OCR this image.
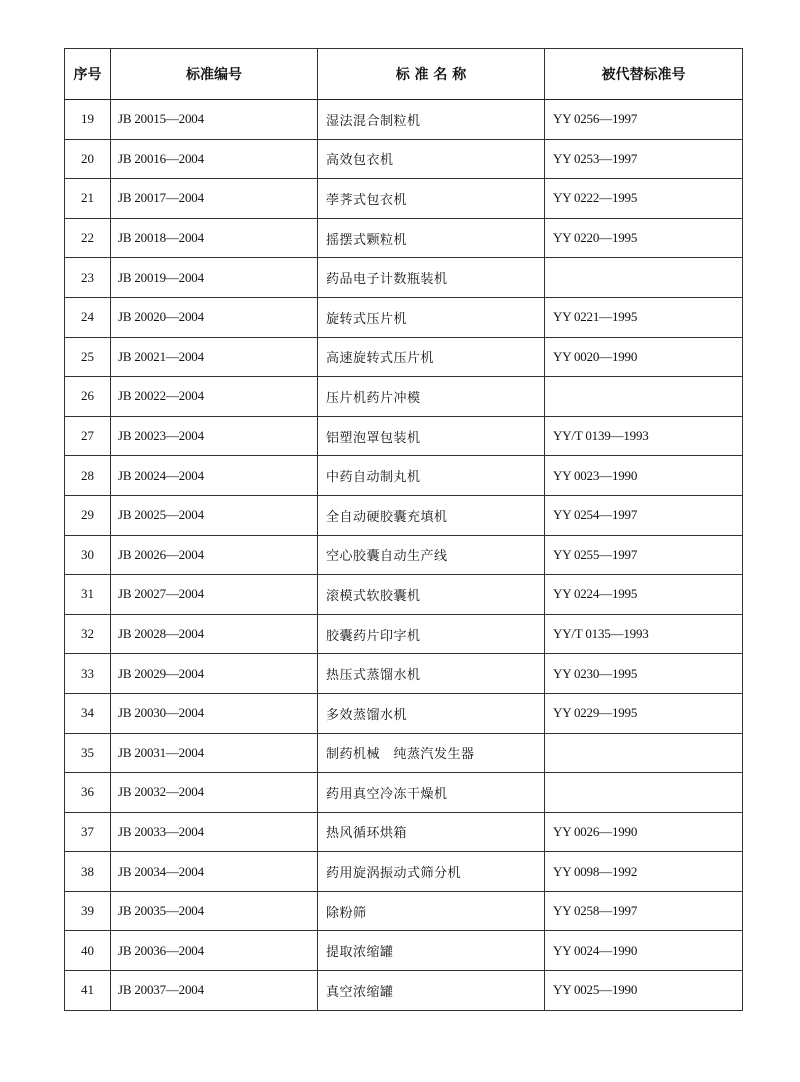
序号	标准编号	标 准 名 称	被代替标准号
19	JB 20015—2004	湿法混合制粒机	YY 0256—1997
20	JB 20016—2004	高效包衣机	YY 0253—1997
21	JB 20017—2004	荸荠式包衣机	YY 0222—1995
22	JB 20018—2004	摇摆式颗粒机	YY 0220—1995
23	JB 20019—2004	药品电子计数瓶装机	
24	JB 20020—2004	旋转式压片机	YY 0221—1995
25	JB 20021—2004	高速旋转式压片机	YY 0020—1990
26	JB 20022—2004	压片机药片冲模	
27	JB 20023—2004	铝塑泡罩包装机	YY/T 0139—1993
28	JB 20024—2004	中药自动制丸机	YY 0023—1990
29	JB 20025—2004	全自动硬胶囊充填机	YY 0254—1997
30	JB 20026—2004	空心胶囊自动生产线	YY 0255—1997
31	JB 20027—2004	滚模式软胶囊机	YY 0224—1995
32	JB 20028—2004	胶囊药片印字机	YY/T 0135—1993
33	JB 20029—2004	热压式蒸馏水机	YY 0230—1995
34	JB 20030—2004	多效蒸馏水机	YY 0229—1995
35	JB 20031—2004	制药机械　纯蒸汽发生器	
36	JB 20032—2004	药用真空冷冻干燥机	
37	JB 20033—2004	热风循环烘箱	YY 0026—1990
38	JB 20034—2004	药用旋涡振动式筛分机	YY 0098—1992
39	JB 20035—2004	除粉筛	YY 0258—1997
40	JB 20036—2004	提取浓缩罐	YY 0024—1990
41	JB 20037—2004	真空浓缩罐	YY 0025—1990
